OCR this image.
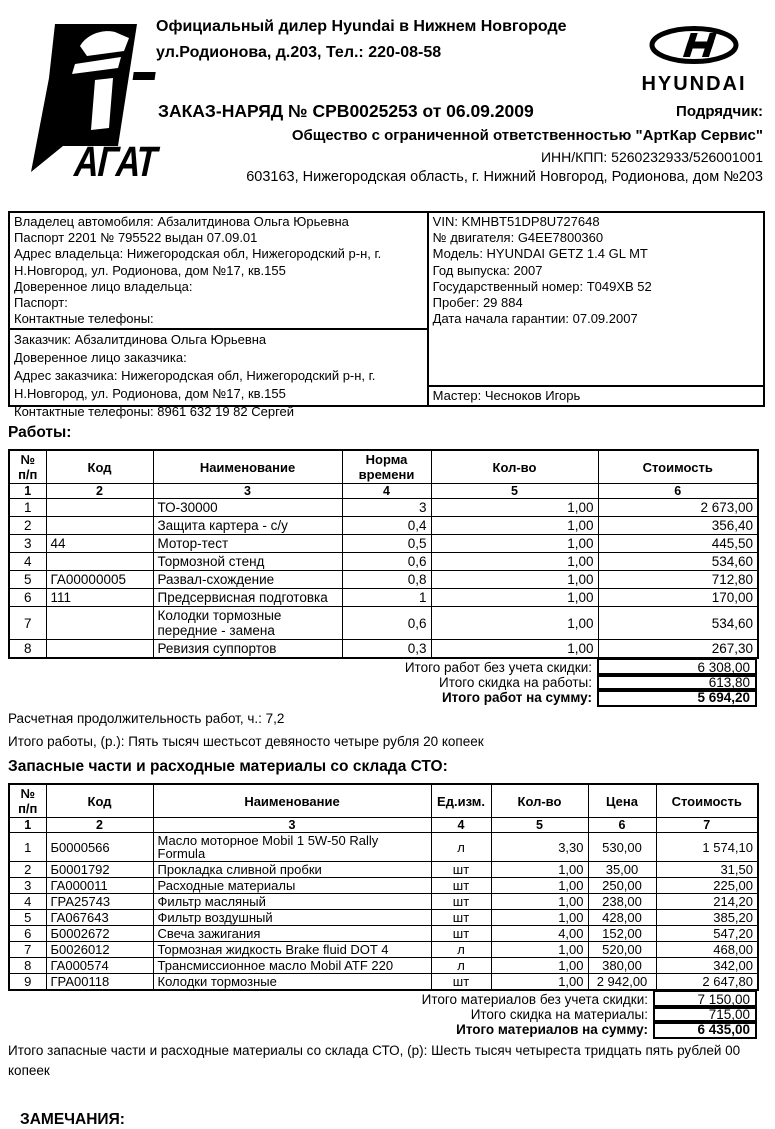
АГАТ
Официальный дилер Hyundai в Нижнем Новгороде
ул.Родионова, д.203, Тел.: 220-08-58
HYUNDAI
ЗАКАЗ-НАРЯД № СРВ0025253 от 06.09.2009	Подрядчик:
Общество с ограниченной ответственностью "АртКар Сервис"
ИНН/КПП: 5260232933/526001001
603163, Нижегородская область, г. Нижний Новгород, Родионова, дом №203
Владелец автомобиля: Абзалитдинова Ольга Юрьевна
Паспорт 2201 № 795522 выдан 07.09.01
Адрес владельца: Нижегородская обл, Нижегородский р-н, г. Н.Новгород, ул. Родионова, дом №17, кв.155
Доверенное лицо владельца:
Паспорт:
Контактные телефоны:
Заказчик: Абзалитдинова Ольга Юрьевна
Доверенное лицо заказчика:
Адрес заказчика: Нижегородская обл, Нижегородский р-н, г. Н.Новгород, ул. Родионова, дом №17, кв.155
Контактные телефоны: 8961 632 19 82 Сергей
VIN: KMHBT51DP8U727648
№ двигателя: G4EE7800360
Модель: HYUNDAI GETZ 1.4 GL MT
Год выпуска: 2007
Государственный номер: Т049ХВ 52
Пробег: 29 884
Дата начала гарантии: 07.09.2007
Мастер: Чесноков Игорь
Работы:
№ п/п	Код	Наименование	Норма времени	Кол-во	Стоимость
1	2	3	4	5	6
1		ТО-30000	3	1,00	2 673,00
2		Защита картера - с/у	0,4	1,00	356,40
3	44	Мотор-тест	0,5	1,00	445,50
4		Тормозной стенд	0,6	1,00	534,60
5	ГА00000005	Развал-схождение	0,8	1,00	712,80
6	111	Предсервисная подготовка	1	1,00	170,00
7		Колодки тормозные передние - замена	0,6	1,00	534,60
8		Ревизия суппортов	0,3	1,00	267,30
Итого работ без учета скидки:	6 308,00
Итого скидка на работы:	613,80
Итого работ на сумму:	5 694,20
Расчетная продолжительность работ, ч.: 7,2
Итого работы, (р.): Пять тысяч шестьсот девяносто четыре рубля 20 копеек
Запасные части и расходные материалы со склада СТО:
№ п/п	Код	Наименование	Ед.изм.	Кол-во	Цена	Стоимость
1	2	3	4	5	6	7
1	Б0000566	Масло моторное Mobil 1 5W-50 Rally Formula	л	3,30	530,00	1 574,10
2	Б0001792	Прокладка сливной пробки	шт	1,00	35,00	31,50
3	ГА000011	Расходные материалы	шт	1,00	250,00	225,00
4	ГРА25743	Фильтр масляный	шт	1,00	238,00	214,20
5	ГА067643	Фильтр воздушный	шт	1,00	428,00	385,20
6	Б0002672	Свеча зажигания	шт	4,00	152,00	547,20
7	Б0026012	Тормозная жидкость Brake fluid DOT 4	л	1,00	520,00	468,00
8	ГА000574	Трансмиссионное масло Mobil ATF 220	л	1,00	380,00	342,00
9	ГРА00118	Колодки тормозные	шт	1,00	2 942,00	2 647,80
Итого материалов без учета скидки:	7 150,00
Итого скидка на материалы:	715,00
Итого материалов на сумму:	6 435,00
Итого запасные части и расходные материалы со склада СТО, (р): Шесть тысяч четыреста тридцать пять рублей 00 копеек
ЗАМЕЧАНИЯ:
